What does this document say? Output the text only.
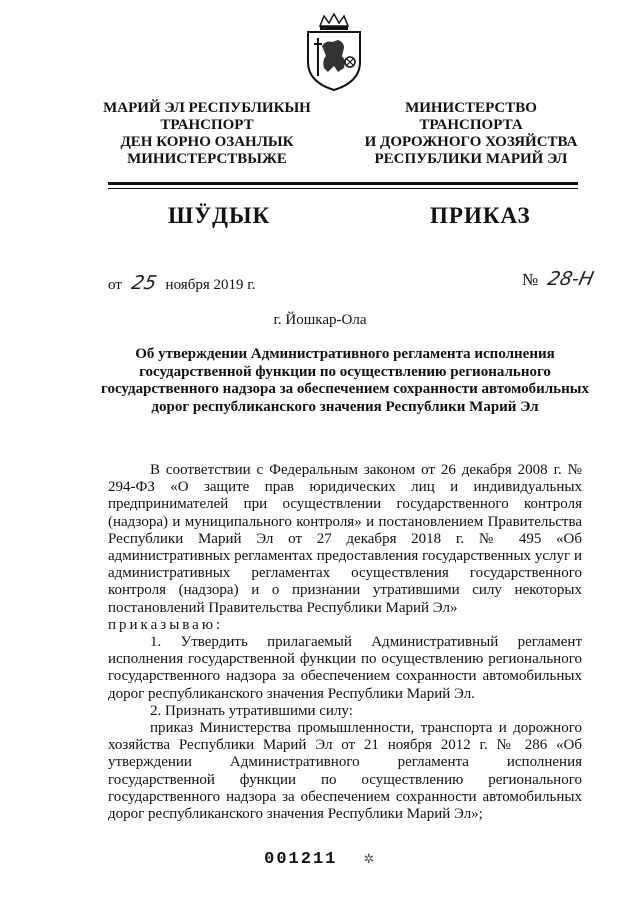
МАРИЙ ЭЛ РЕСПУБЛИКЫН
ТРАНСПОРТ
ДЕН КОРНО ОЗАНЛЫК
МИНИСТЕРСТВЫЖЕ
МИНИСТЕРСТВО
ТРАНСПОРТА
И ДОРОЖНОГО ХОЗЯЙСТВА
РЕСПУБЛИКИ МАРИЙ ЭЛ
ШӰДЫК	ПРИКАЗ
от 25 ноября 2019 г.	№ 28-Н
г. Йошкар-Ола
Об утверждении Административного регламента исполнения государственной функции по осуществлению регионального государственного надзора за обеспечением сохранности автомобильных дорог республиканского значения Республики Марий Эл

В соответствии с Федеральным законом от 26 декабря 2008 г. № 294-ФЗ «О защите прав юридических лиц и индивидуальных предпринимателей при осуществлении государственного контроля (надзора) и муниципального контроля» и постановлением Правительства Республики Марий Эл от 27 декабря 2018 г. № 495 «Об административных регламентах предоставления государственных услуг и административных регламентах осуществления государственного контроля (надзора) и о признании утратившими силу некоторых постановлений Правительства Республики Марий Эл»

приказываю:

1. Утвердить прилагаемый Административный регламент исполнения государственной функции по осуществлению регионального государственного надзора за обеспечением сохранности автомобильных дорог республиканского значения Республики Марий Эл.

2. Признать утратившими силу:

приказ Министерства промышленности, транспорта и дорожного хозяйства Республики Марий Эл от 21 ноября 2012 г. № 286 «Об утверждении Административного регламента исполнения государственной функции по осуществлению регионального государственного надзора за обеспечением сохранности автомобильных дорог республиканского значения Республики Марий Эл»;

001211 ✲
